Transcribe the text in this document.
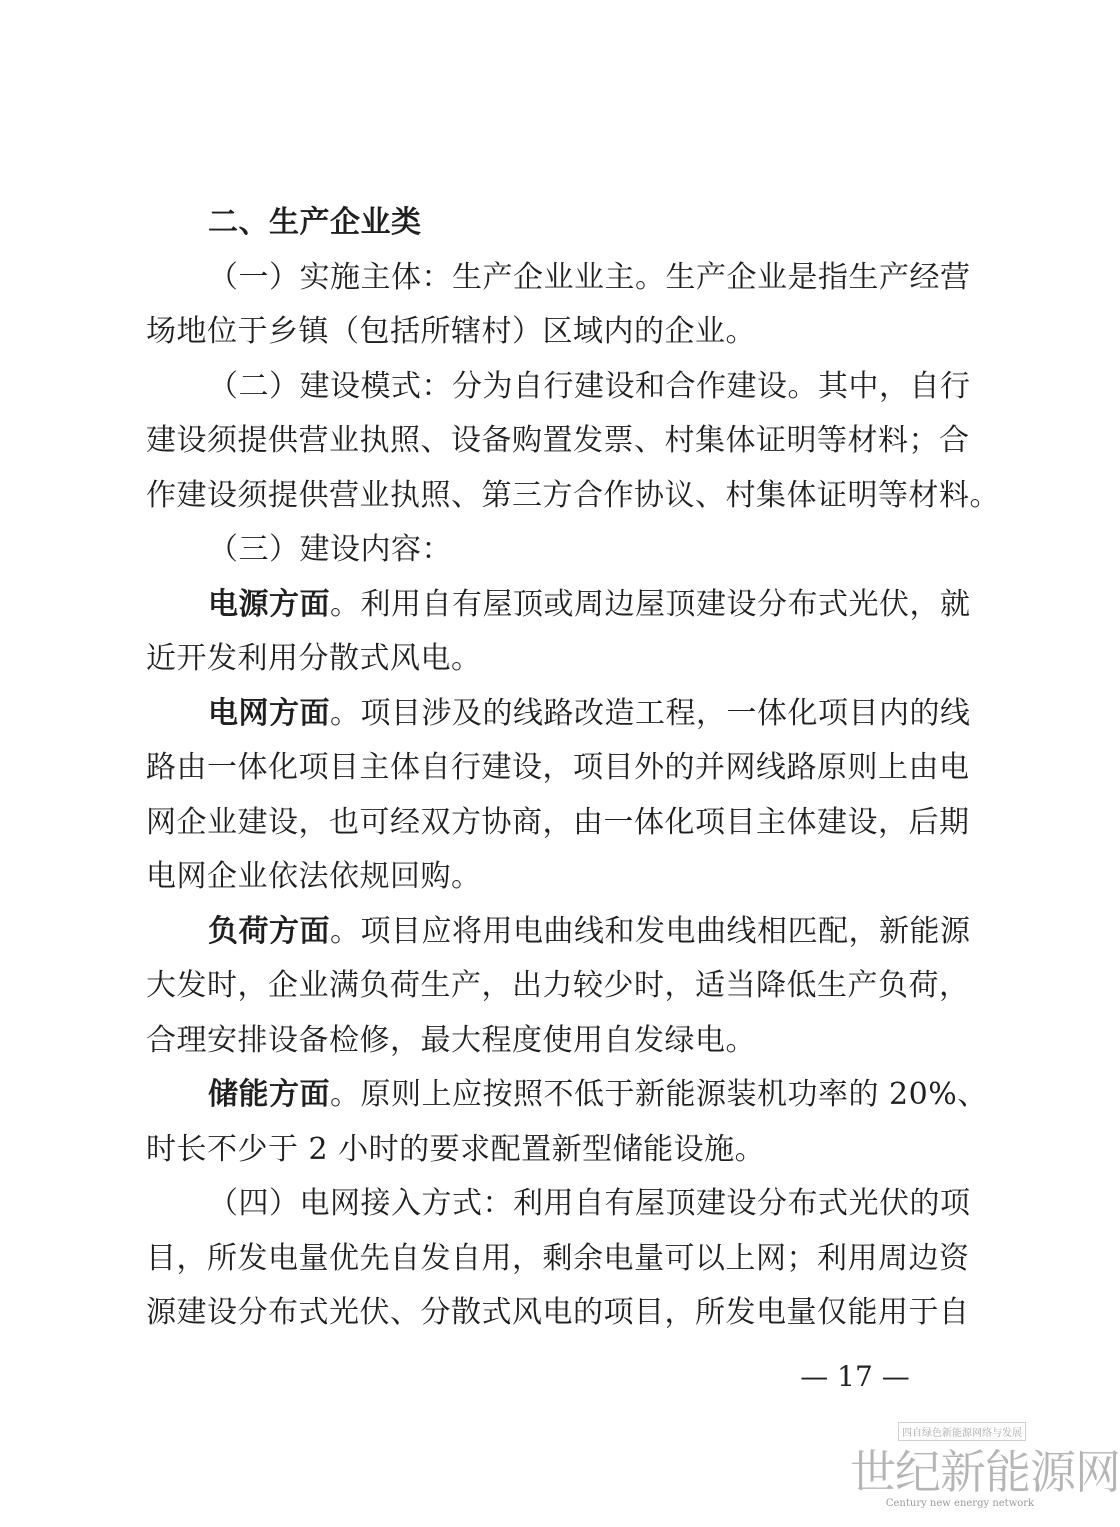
二、生产企业类
（一）实施主体：生产企业业主。生产企业是指生产经营
场地位于乡镇（包括所辖村）区域内的企业。
（二）建设模式：分为自行建设和合作建设。其中，自行
建设须提供营业执照、设备购置发票、村集体证明等材料；合
作建设须提供营业执照、第三方合作协议、村集体证明等材料。
（三）建设内容：
电源方面。利用自有屋顶或周边屋顶建设分布式光伏，就
近开发利用分散式风电。
电网方面。项目涉及的线路改造工程，一体化项目内的线
路由一体化项目主体自行建设，项目外的并网线路原则上由电
网企业建设，也可经双方协商，由一体化项目主体建设，后期
电网企业依法依规回购。
负荷方面。项目应将用电曲线和发电曲线相匹配，新能源
大发时，企业满负荷生产，出力较少时，适当降低生产负荷，
合理安排设备检修，最大程度使用自发绿电。
储能方面。原则上应按照不低于新能源装机功率的 20%、
时长不少于 2 小时的要求配置新型储能设施。
（四）电网接入方式：利用自有屋顶建设分布式光伏的项
目，所发电量优先自发自用，剩余电量可以上网；利用周边资
源建设分布式光伏、分散式风电的项目，所发电量仅能用于自
— 17 —
四自绿色新能源网络与发展
世纪新能源网
Century new energy network
